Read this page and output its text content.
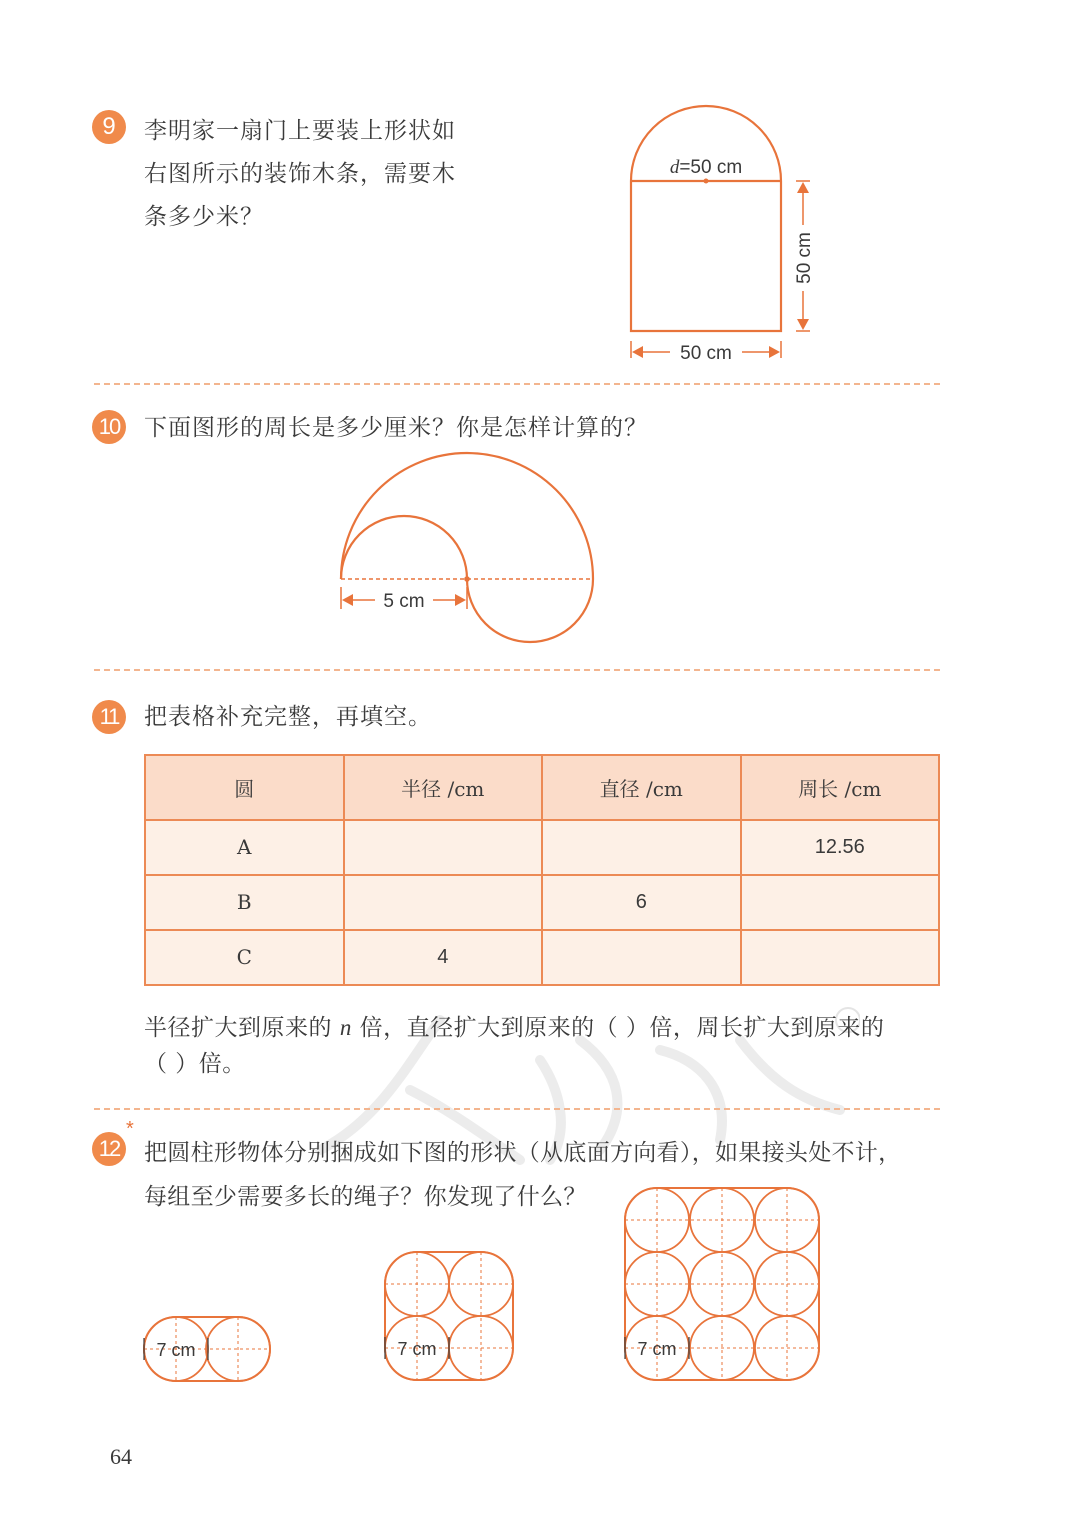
9	李明家一扇门上要装上形状如
右图所示的装饰木条，需要木
条多少米？
d=50 cm
50 cm
50 cm
10 下面图形的周长是多少厘米？你是怎样计算的？
5 cm
11	把表格补充完整，再填空。
圆	半径 /cm	直径 /cm	周长 /cm
A			12.56
B		6	
C	4		
半径扩大到原来的 n 倍，直径扩大到原来的（ ）倍，周长扩大到原来的
（ ）倍。
12
*
把圆柱形物体分别捆成如下图的形状（从底面方向看），如果接头处不计，
每组至少需要多长的绳子？你发现了什么？
7 cm	7 cm	7 cm
64
